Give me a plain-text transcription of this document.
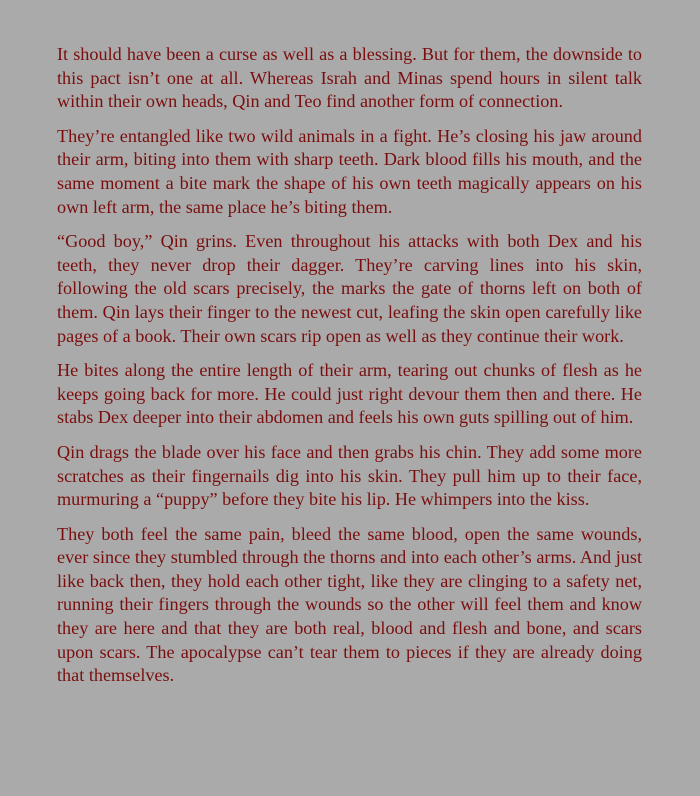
It should have been a curse as well as a blessing. But for them, the downside to this pact isn’t one at all. Whereas Israh and Minas spend hours in silent talk within their own heads, Qin and Teo find another form of connection.

They’re entangled like two wild animals in a fight. He’s closing his jaw around their arm, biting into them with sharp teeth. Dark blood fills his mouth, and the same moment a bite mark the shape of his own teeth magically appears on his own left arm, the same place he’s biting them.

“Good boy,” Qin grins. Even throughout his attacks with both Dex and his teeth, they never drop their dagger. They’re carving lines into his skin, following the old scars precisely, the marks the gate of thorns left on both of them. Qin lays their finger to the newest cut, leafing the skin open carefully like pages of a book. Their own scars rip open as well as they continue their work.

He bites along the entire length of their arm, tearing out chunks of flesh as he keeps going back for more. He could just right devour them then and there. He stabs Dex deeper into their abdomen and feels his own guts spilling out of him.

Qin drags the blade over his face and then grabs his chin. They add some more scratches as their fingernails dig into his skin. They pull him up to their face, murmuring a “puppy” before they bite his lip. He whimpers into the kiss.

They both feel the same pain, bleed the same blood, open the same wounds, ever since they stumbled through the thorns and into each other’s arms. And just like back then, they hold each other tight, like they are clinging to a safety net, running their fingers through the wounds so the other will feel them and know they are here and that they are both real, blood and flesh and bone, and scars upon scars. The apocalypse can’t tear them to pieces if they are already doing that themselves.
